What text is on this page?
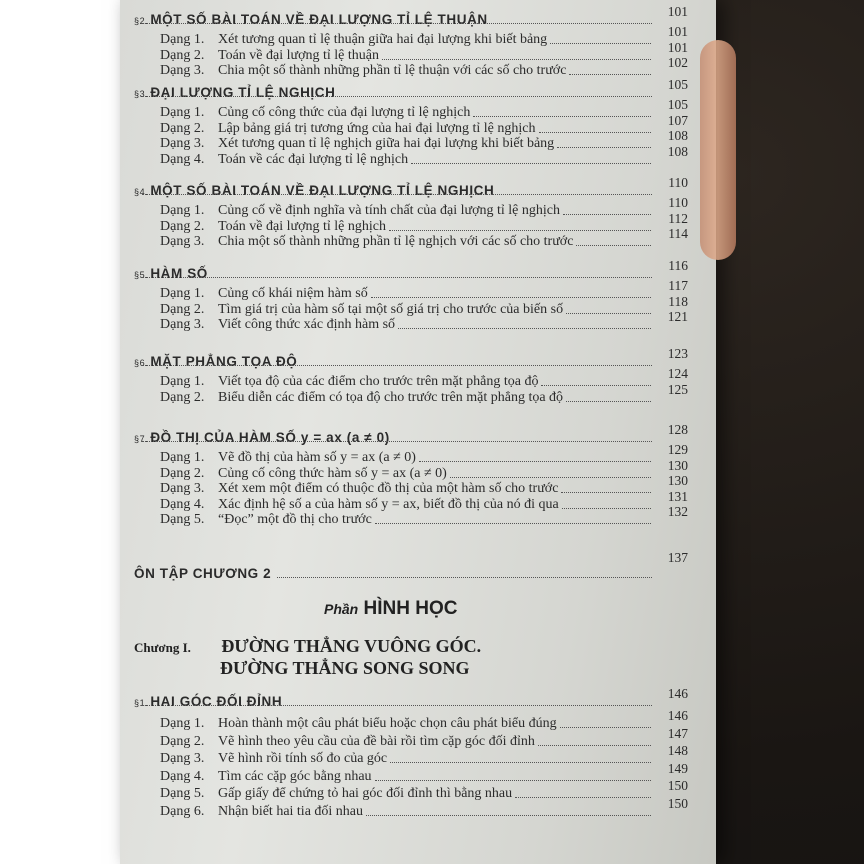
Phần HÌNH HỌC
Chương I. ĐƯỜNG THẲNG VUÔNG GÓC.
ĐƯỜNG THẲNG SONG SONG
§2. MỘT SỐ BÀI TOÁN VỀ ĐẠI LƯỢNG TỈ LỆ THUẬN
101
Dạng 1. Xét tương quan tỉ lệ thuận giữa hai đại lượng khi biết bảng
101
Dạng 2. Toán về đại lượng tỉ lệ thuận
101
Dạng 3. Chia một số thành những phần tỉ lệ thuận với các số cho trước
102
§3. ĐẠI LƯỢNG TỈ LỆ NGHỊCH
105
Dạng 1. Củng cố công thức của đại lượng tỉ lệ nghịch
105
Dạng 2. Lập bảng giá trị tương ứng của hai đại lượng tỉ lệ nghịch
107
Dạng 3. Xét tương quan tỉ lệ nghịch giữa hai đại lượng khi biết bảng
108
Dạng 4. Toán về các đại lượng tỉ lệ nghịch
108
§4. MỘT SỐ BÀI TOÁN VỀ ĐẠI LƯỢNG TỈ LỆ NGHỊCH
110
Dạng 1. Củng cố về định nghĩa và tính chất của đại lượng tỉ lệ nghịch
110
Dạng 2. Toán về đại lượng tỉ lệ nghịch
112
Dạng 3. Chia một số thành những phần tỉ lệ nghịch với các số cho trước
114
§5. HÀM SỐ
116
Dạng 1. Củng cố khái niệm hàm số
117
Dạng 2. Tìm giá trị của hàm số tại một số giá trị cho trước của biến số
118
Dạng 3. Viết công thức xác định hàm số
121
§6. MẶT PHẲNG TỌA ĐỘ
123
Dạng 1. Viết tọa độ của các điểm cho trước trên mặt phẳng tọa độ
124
Dạng 2. Biểu diễn các điểm có tọa độ cho trước trên mặt phẳng tọa độ
125
§7. ĐỒ THỊ CỦA HÀM SỐ y = ax (a ≠ 0)
128
Dạng 1. Vẽ đồ thị của hàm số y = ax (a ≠ 0)
129
Dạng 2. Củng cố công thức hàm số y = ax (a ≠ 0)
130
Dạng 3. Xét xem một điểm có thuộc đồ thị của một hàm số cho trước
130
Dạng 4. Xác định hệ số a của hàm số y = ax, biết đồ thị của nó đi qua
131
Dạng 5. “Đọc” một đồ thị cho trước
132
ÔN TẬP CHƯƠNG 2
137
§1. HAI GÓC ĐỐI ĐỈNH
146
Dạng 1. Hoàn thành một câu phát biểu hoặc chọn câu phát biểu đúng
146
Dạng 2. Vẽ hình theo yêu cầu của đề bài rồi tìm cặp góc đối đỉnh
147
Dạng 3. Vẽ hình rồi tính số đo của góc
148
Dạng 4. Tìm các cặp góc bằng nhau
149
Dạng 5. Gấp giấy để chứng tỏ hai góc đối đỉnh thì bằng nhau
150
Dạng 6. Nhận biết hai tia đối nhau
150
